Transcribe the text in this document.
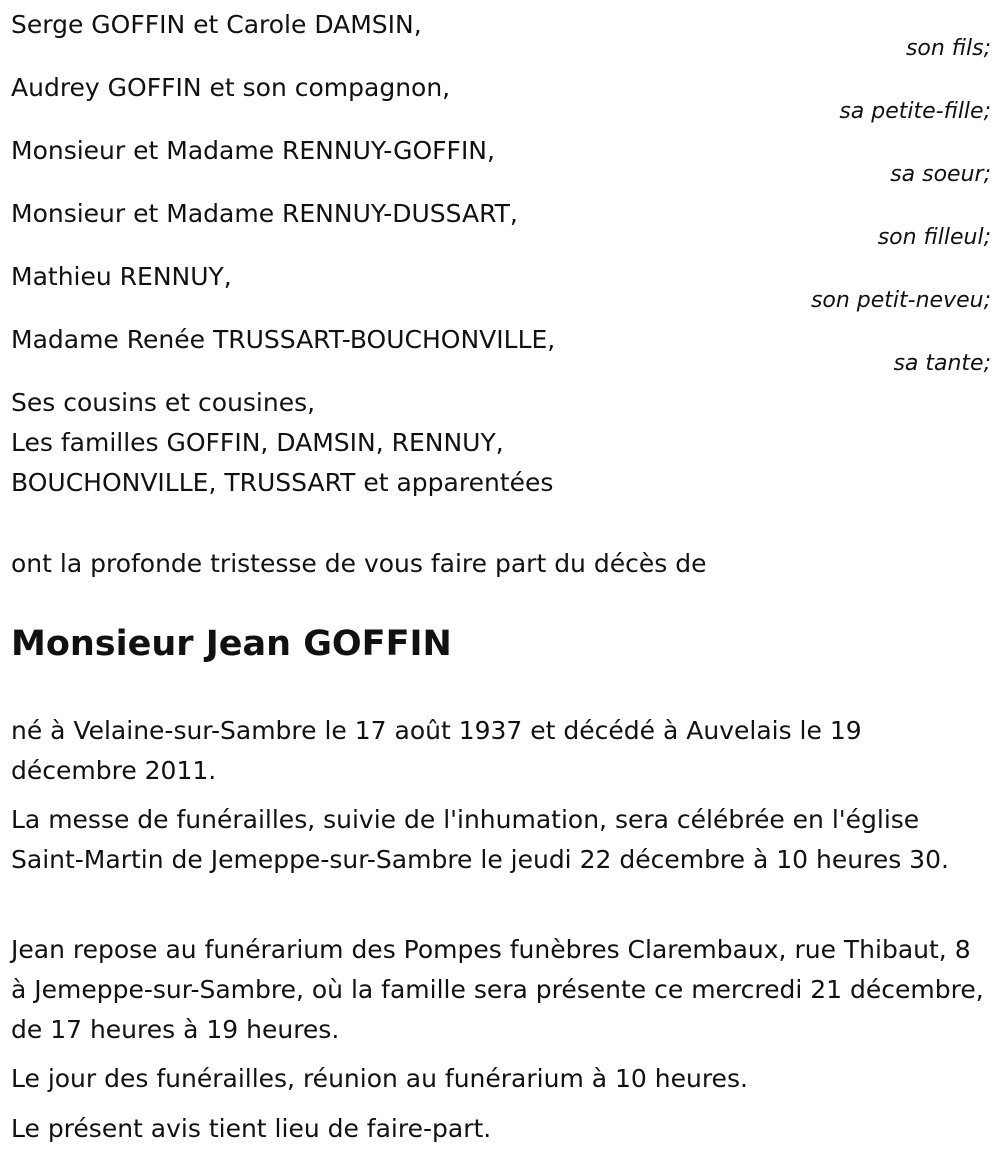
Serge GOFFIN et Carole DAMSIN,
son fils;
Audrey GOFFIN et son compagnon,
sa petite-fille;
Monsieur et Madame RENNUY-GOFFIN,
sa soeur;
Monsieur et Madame RENNUY-DUSSART,
son filleul;
Mathieu RENNUY,
son petit-neveu;
Madame Renée TRUSSART-BOUCHONVILLE,
sa tante;
Ses cousins et cousines,
Les familles GOFFIN, DAMSIN, RENNUY,
BOUCHONVILLE, TRUSSART et apparentées
ont la profonde tristesse de vous faire part du décès de
Monsieur Jean GOFFIN
né à Velaine-sur-Sambre le 17 août 1937 et décédé à Auvelais le 19 décembre 2011.
La messe de funérailles, suivie de l'inhumation, sera célébrée en l'église Saint-Martin de Jemeppe-sur-Sambre le jeudi 22 décembre à 10 heures 30.
Jean repose au funérarium des Pompes funèbres Clarembaux, rue Thibaut, 8 à Jemeppe-sur-Sambre, où la famille sera présente ce mercredi 21 décembre, de 17 heures à 19 heures.
Le jour des funérailles, réunion au funérarium à 10 heures.
Le présent avis tient lieu de faire-part.
